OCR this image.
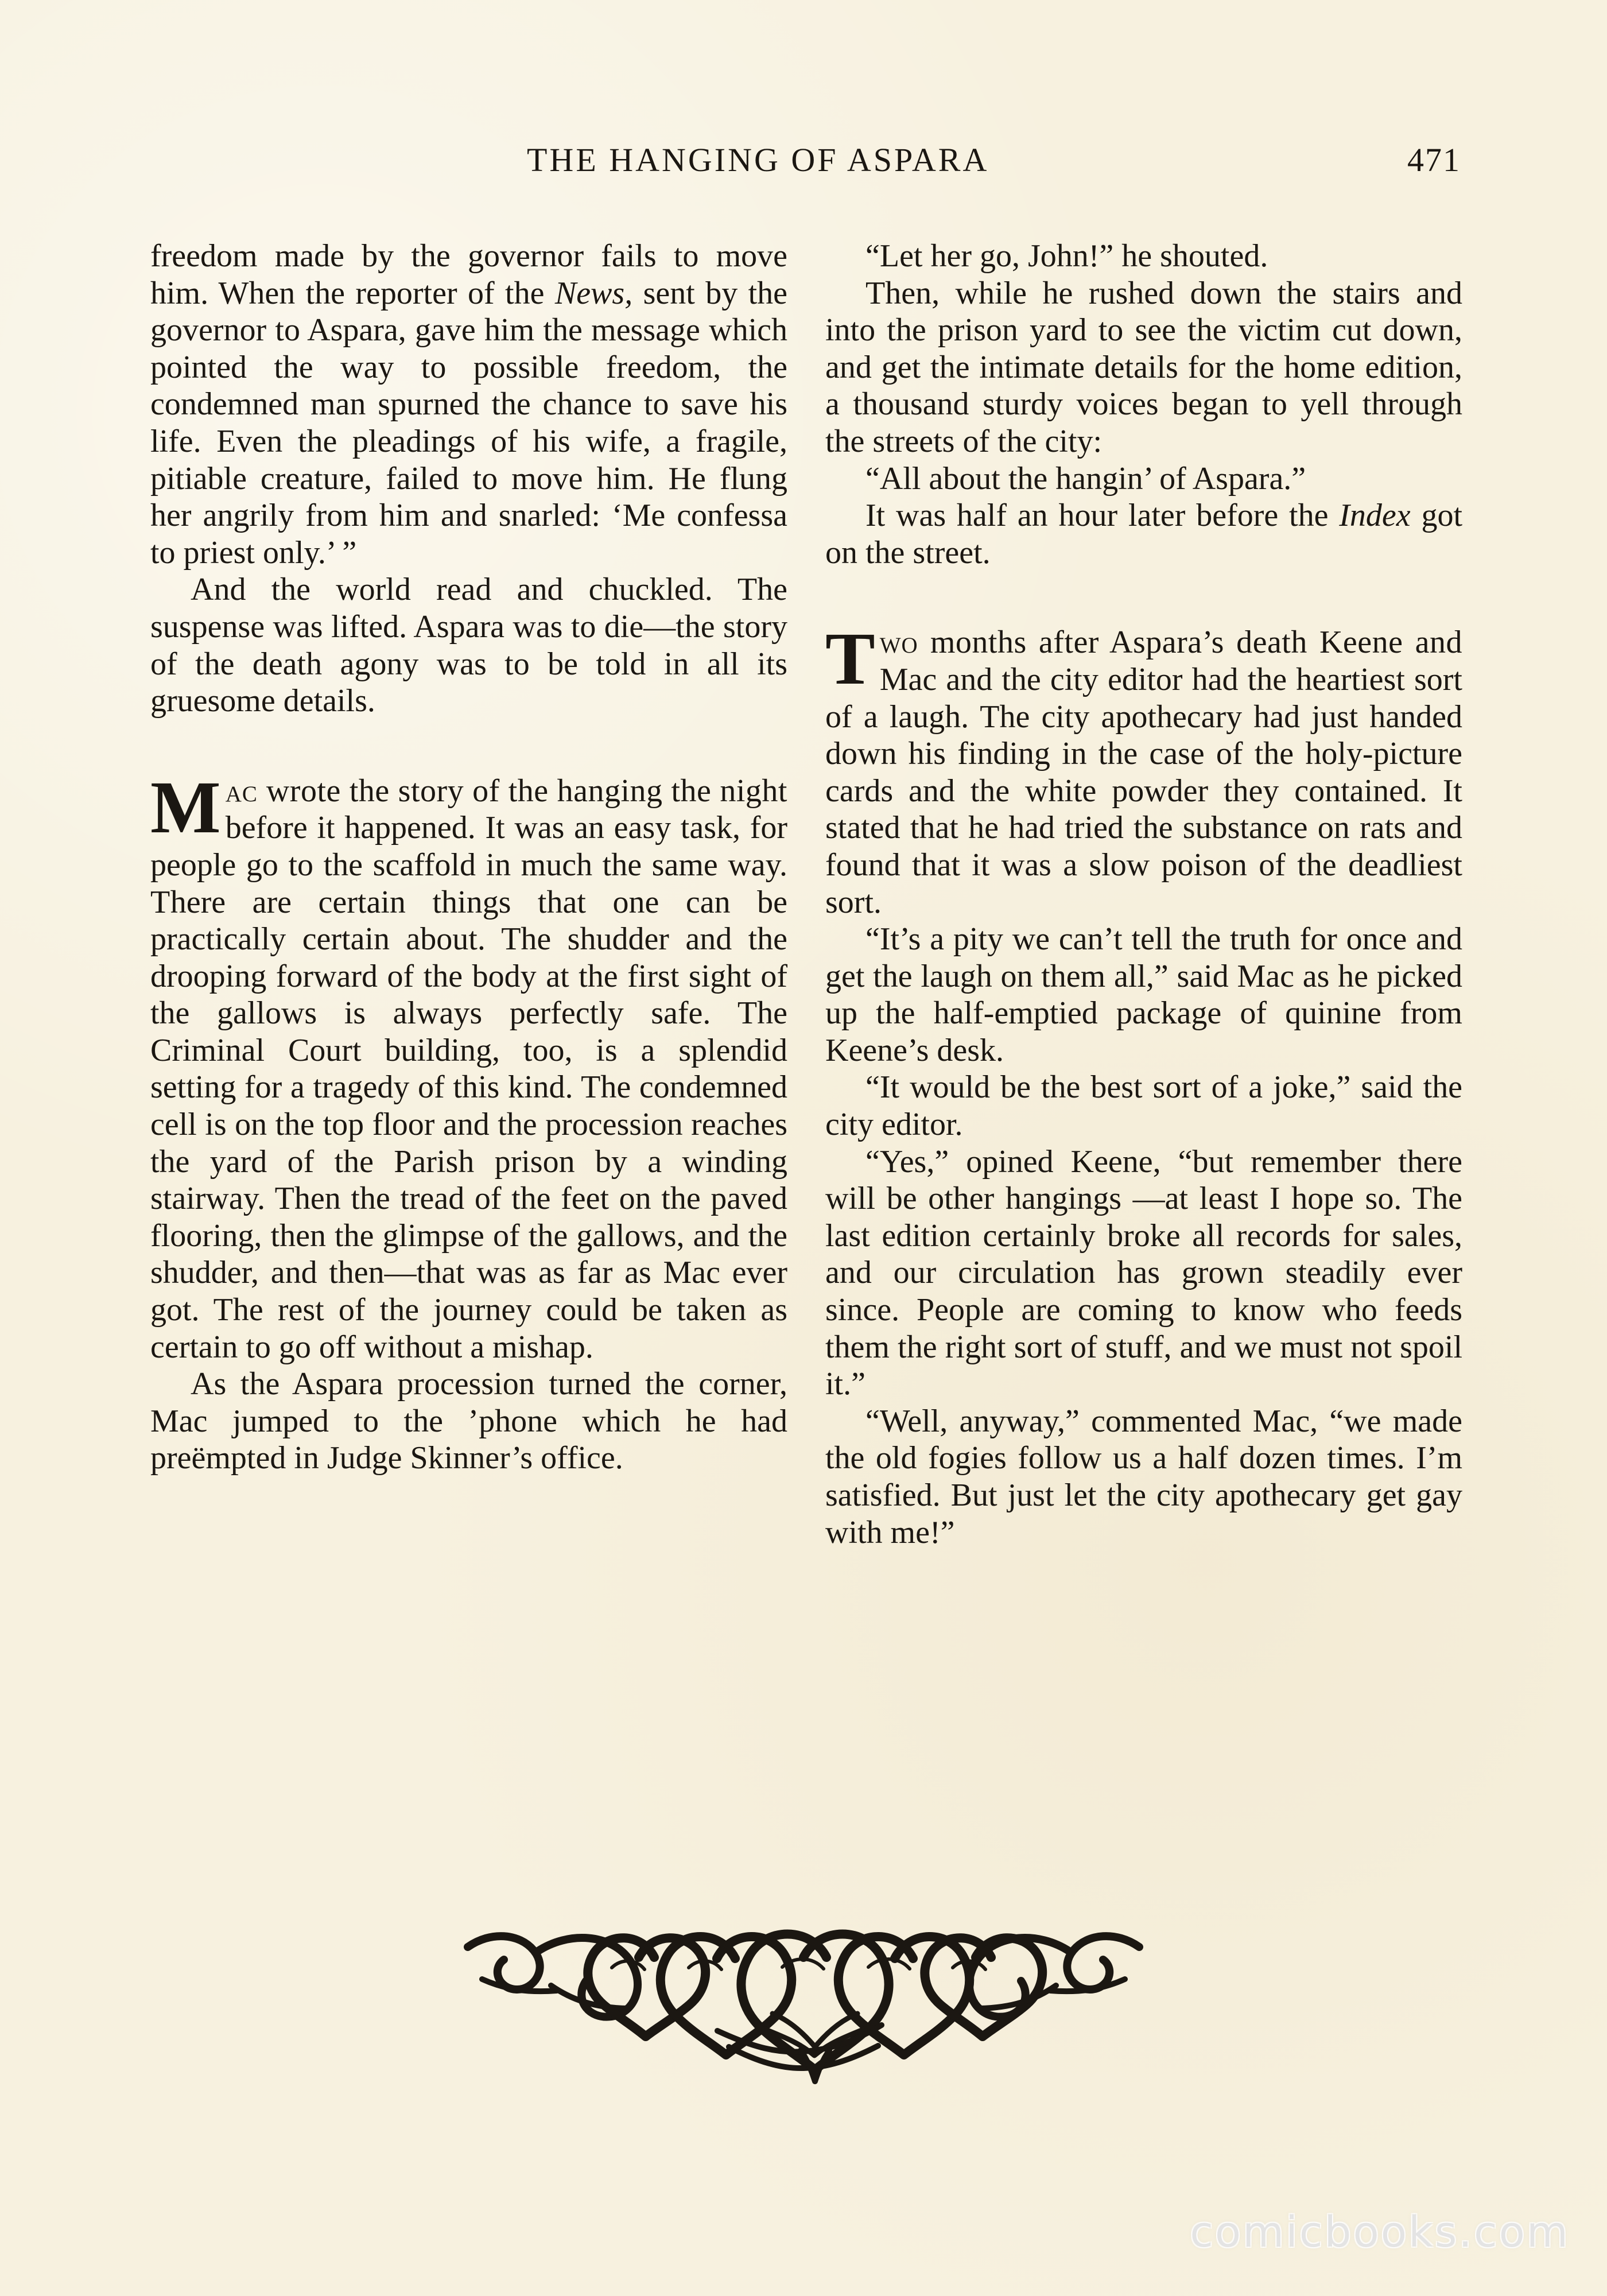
THE HANGING OF ASPARA	471

freedom made by the governor fails to move him. When the reporter of the News, sent by the governor to Aspara, gave him the message which pointed the way to possible freedom, the condemned man spurned the chance to save his life. Even the pleadings of his wife, a fragile, pitiable creature, failed to move him. He flung her angrily from him and snarled: ‘Me confessa to priest only.’ ”

And the world read and chuckled. The suspense was lifted. Aspara was to die—the story of the death agony was to be told in all its gruesome details.

Mac wrote the story of the hanging the night before it happened. It was an easy task, for people go to the scaffold in much the same way. There are certain things that one can be practically certain about. The shudder and the drooping forward of the body at the first sight of the gallows is always perfectly safe. The Criminal Court building, too, is a splendid setting for a tragedy of this kind. The condemned cell is on the top floor and the procession reaches the yard of the Parish prison by a winding stairway. Then the tread of the feet on the paved flooring, then the glimpse of the gallows, and the shudder, and then—that was as far as Mac ever got. The rest of the journey could be taken as certain to go off without a mishap.

As the Aspara procession turned the corner, Mac jumped to the ’phone which he had preëmpted in Judge Skinner’s office.

“Let her go, John!” he shouted.

Then, while he rushed down the stairs and into the prison yard to see the victim cut down, and get the intimate details for the home edition, a thousand sturdy voices began to yell through the streets of the city:

“All about the hangin’ of Aspara.”

It was half an hour later before the Index got on the street.

Two months after Aspara’s death Keene and Mac and the city editor had the heartiest sort of a laugh. The city apothecary had just handed down his finding in the case of the holy-picture cards and the white powder they contained. It stated that he had tried the substance on rats and found that it was a slow poison of the deadliest sort.

“It’s a pity we can’t tell the truth for once and get the laugh on them all,” said Mac as he picked up the half-emptied package of quinine from Keene’s desk.

“It would be the best sort of a joke,” said the city editor.

“Yes,” opined Keene, “but remember there will be other hangings —at least I hope so. The last edition certainly broke all records for sales, and our circulation has grown steadily ever since. People are coming to know who feeds them the right sort of stuff, and we must not spoil it.”

“Well, anyway,” commented Mac, “we made the old fogies follow us a half dozen times. I’m satisfied. But just let the city apothecary get gay with me!”

comicbooks.com
